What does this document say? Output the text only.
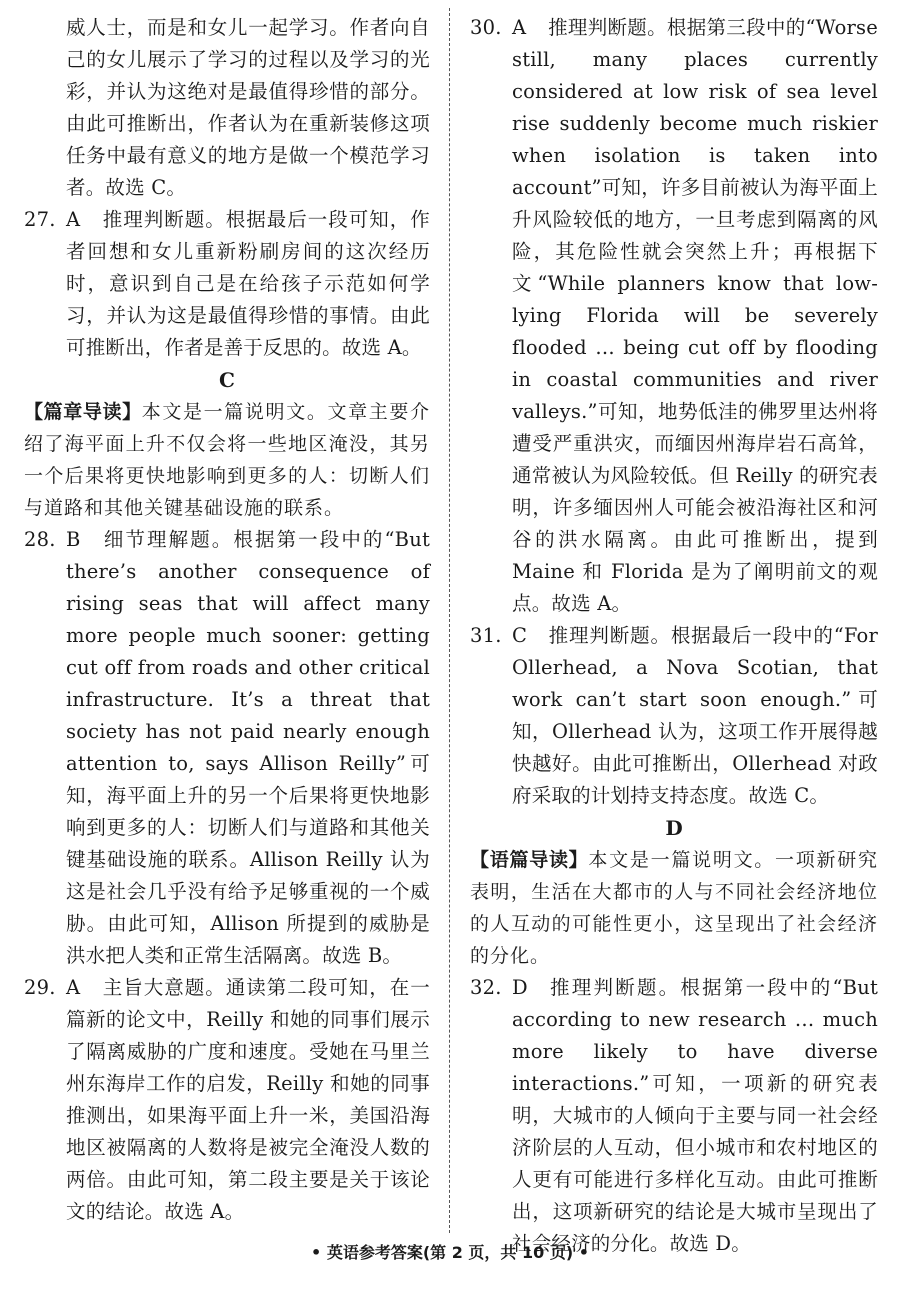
威人士，而是和女儿一起学习。作者向自己的女儿展示了学习的过程以及学习的光彩，并认为这绝对是最值得珍惜的部分。由此可推断出，作者认为在重新装修这项任务中最有意义的地方是做一个模范学习者。故选 C。

27. A 推理判断题。根据最后一段可知，作者回想和女儿重新粉刷房间的这次经历时，意识到自己是在给孩子示范如何学习，并认为这是最值得珍惜的事情。由此可推断出，作者是善于反思的。故选 A。

C

【篇章导读】本文是一篇说明文。文章主要介绍了海平面上升不仅会将一些地区淹没，其另一个后果将更快地影响到更多的人：切断人们与道路和其他关键基础设施的联系。

28. B 细节理解题。根据第一段中的“But there’s another consequence of rising seas that will affect many more people much sooner: getting cut off from roads and other critical infrastructure. It’s a threat that society has not paid nearly enough attention to, says Allison Reilly”可知，海平面上升的另一个后果将更快地影响到更多的人：切断人们与道路和其他关键基础设施的联系。Allison Reilly 认为这是社会几乎没有给予足够重视的一个威胁。由此可知，Allison 所提到的威胁是洪水把人类和正常生活隔离。故选 B。
29. A 主旨大意题。通读第二段可知，在一篇新的论文中，Reilly 和她的同事们展示了隔离威胁的广度和速度。受她在马里兰州东海岸工作的启发，Reilly 和她的同事推测出，如果海平面上升一米，美国沿海地区被隔离的人数将是被完全淹没人数的两倍。由此可知，第二段主要是关于该论文的结论。故选 A。
30. A 推理判断题。根据第三段中的“Worse still, many places currently considered at low risk of sea level rise suddenly become much riskier when isolation is taken into account”可知，许多目前被认为海平面上升风险较低的地方，一旦考虑到隔离的风险，其危险性就会突然上升；再根据下文“While planners know that low-lying Florida will be severely flooded … being cut off by flooding in coastal communities and river valleys.”可知，地势低洼的佛罗里达州将遭受严重洪灾，而缅因州海岸岩石高耸，通常被认为风险较低。但 Reilly 的研究表明，许多缅因州人可能会被沿海社区和河谷的洪水隔离。由此可推断出，提到 Maine 和 Florida 是为了阐明前文的观点。故选 A。
31. C 推理判断题。根据最后一段中的“For Ollerhead, a Nova Scotian, that work can’t start soon enough.”可知，Ollerhead 认为，这项工作开展得越快越好。由此可推断出，Ollerhead 对政府采取的计划持支持态度。故选 C。

D

【语篇导读】本文是一篇说明文。一项新研究表明，生活在大都市的人与不同社会经济地位的人互动的可能性更小，这呈现出了社会经济的分化。

32. D 推理判断题。根据第一段中的“But according to new research … much more likely to have diverse interactions.”可知，一项新的研究表明，大城市的人倾向于主要与同一社会经济阶层的人互动，但小城市和农村地区的人更有可能进行多样化互动。由此可推断出，这项新研究的结论是大城市呈现出了社会经济的分化。故选 D。
• 英语参考答案(第 2 页，共 10 页) •
